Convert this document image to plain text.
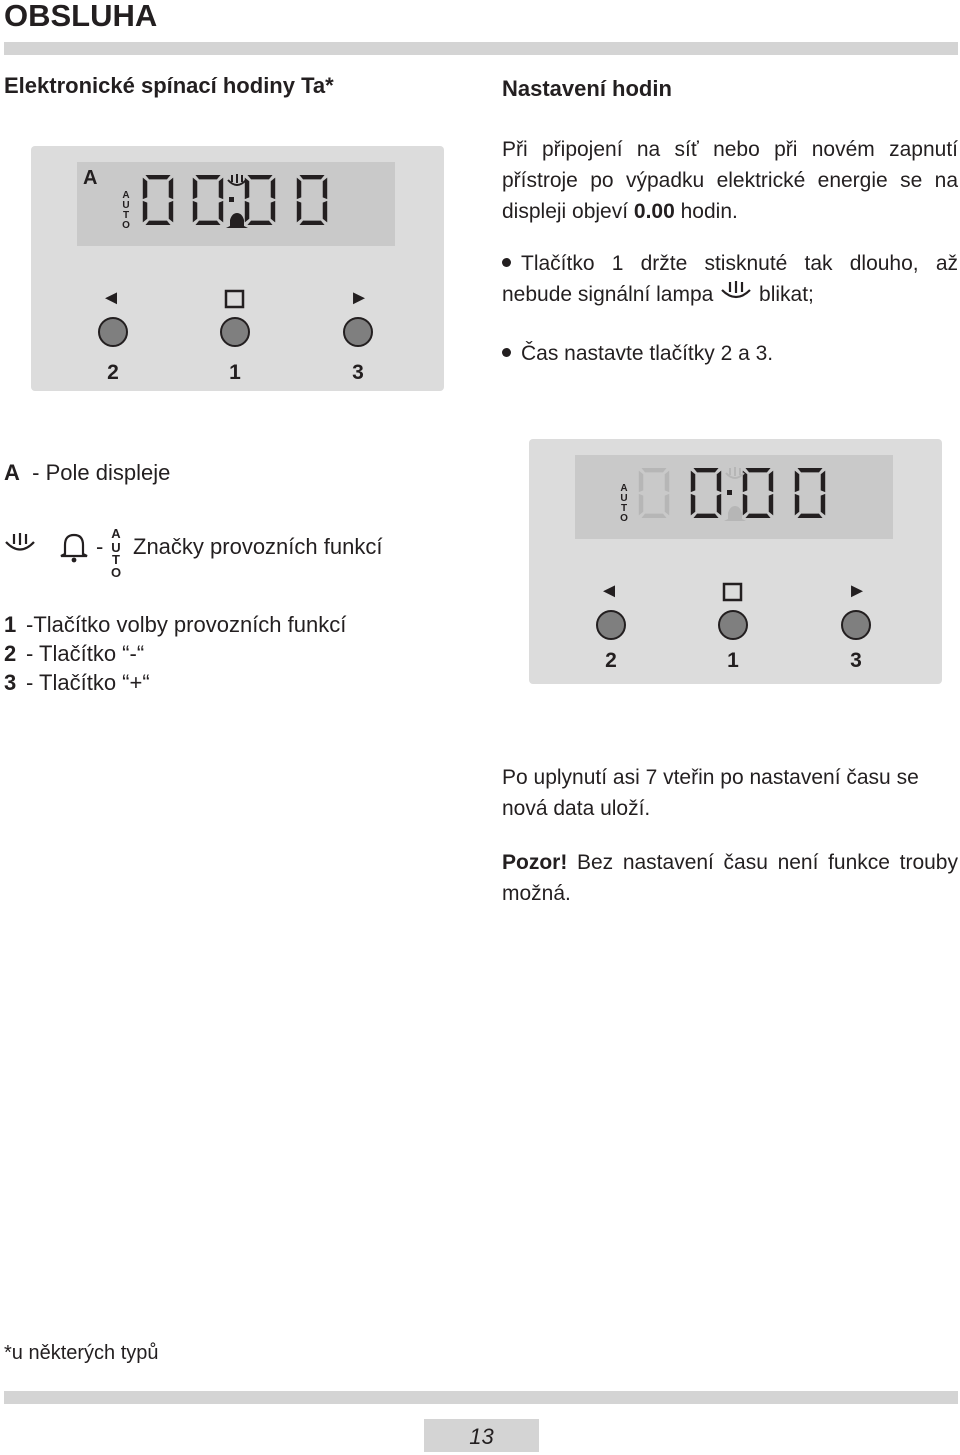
OBSLUHA
Elektronické spínací hodiny Ta*	Nastavení hodin
A
A
U
T
O
◄	►
2	1	3
Při připojení na síť nebo při novém zapnutí přístroje po výpadku elektrické energie se na displeji objeví 0.00 hodin.
Tlačítko 1 držte stisknuté tak dlouho, až nebude signální lampa  blikat;
Čas nastavte tlačítky 2 a 3.
A - Pole displeje
-
A
U
T
O
Značky provozních funkcí
1 -Tlačítko volby provozních funkcí
2 - Tlačítko “-“
3 - Tlačítko “+“
A
U
T
O
◄	►
2	1	3
Po uplynutí asi 7 vteřin po nastavení času se nová data uloží.
Pozor! Bez nastavení času není funkce trouby možná.
*u některých typů
13
